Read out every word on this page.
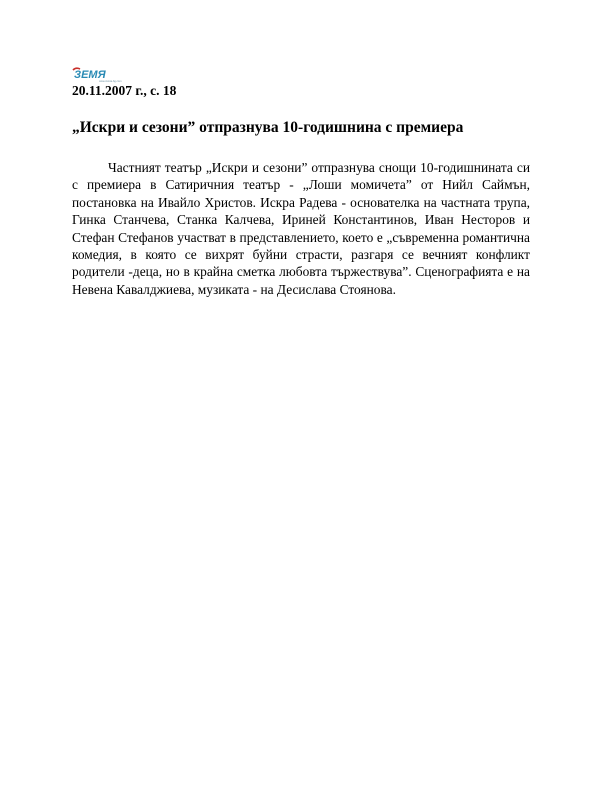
ЗЕМЯ
www.zemia-bg.com
20.11.2007 г., с. 18
„Искри и сезони” отпразнува 10-годишнина с премиера

Частният театър „Искри и сезони” отпразнува снощи 10-годишнината си с премиера в Сатиричния театър - „Лоши момичета” от Нийл Саймън, постановка на Ивайло Христов. Искра Радева - основателка на частната трупа, Гинка Станчева, Станка Калчева, Ириней Константинов, Иван Несторов и Стефан Стефанов участват в представлението, което е „съвременна романтична комедия, в която се вихрят буйни страсти, разгаря се вечният конфликт родители -деца, но в крайна сметка любовта тържествува”. Сценографията е на Невена Кавалджиева, музиката - на Десислава Стоянова.
